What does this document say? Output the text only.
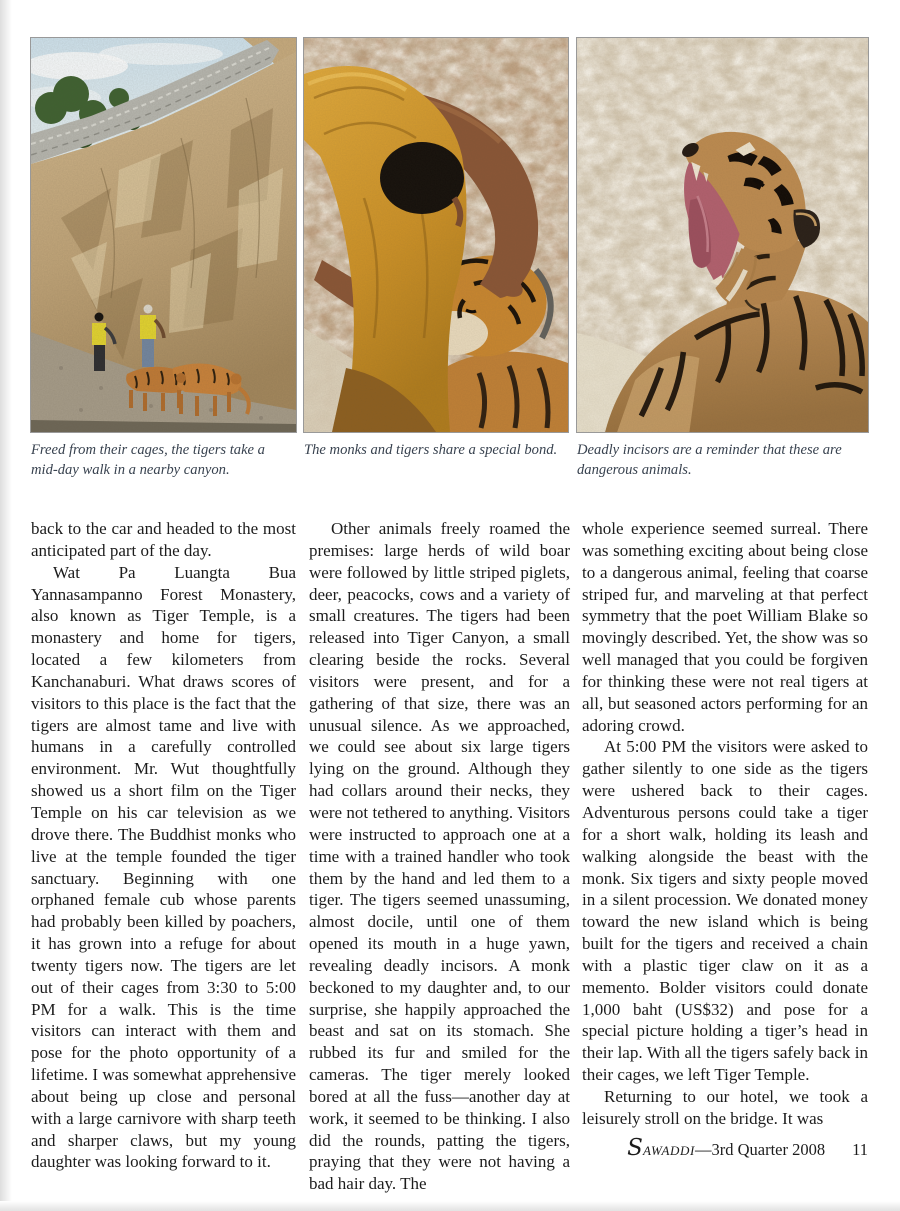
Freed from their cages, the tigers take a mid-day walk in a nearby canyon.
The monks and tigers share a special bond.	Deadly incisors are a reminder that these are dangerous animals.

back to the car and headed to the most anticipated part of the day.

Wat Pa Luangta Bua Yannasampanno Forest Monastery, also known as Tiger Temple, is a monastery and home for tigers, located a few kilometers from Kanchanaburi. What draws scores of visitors to this place is the fact that the tigers are almost tame and live with humans in a carefully controlled environment. Mr. Wut thoughtfully showed us a short film on the Tiger Temple on his car television as we drove there. The Buddhist monks who live at the temple founded the tiger sanctuary. Beginning with one orphaned female cub whose parents had probably been killed by poachers, it has grown into a refuge for about twenty tigers now. The tigers are let out of their cages from 3:30 to 5:00 PM for a walk. This is the time visitors can interact with them and pose for the photo opportunity of a lifetime. I was somewhat apprehensive about being up close and personal with a large carnivore with sharp teeth and sharper claws, but my young daughter was looking forward to it.

Other animals freely roamed the premises: large herds of wild boar were followed by little striped piglets, deer, peacocks, cows and a variety of small creatures. The tigers had been released into Tiger Canyon, a small clearing beside the rocks. Several visitors were present, and for a gathering of that size, there was an unusual silence. As we approached, we could see about six large tigers lying on the ground. Although they had collars around their necks, they were not tethered to anything. Visitors were instructed to approach one at a time with a trained handler who took them by the hand and led them to a tiger. The tigers seemed unassuming, almost docile, until one of them opened its mouth in a huge yawn, revealing deadly incisors. A monk beckoned to my daughter and, to our surprise, she happily approached the beast and sat on its stomach. She rubbed its fur and smiled for the cameras. The tiger merely looked bored at all the fuss—another day at work, it seemed to be thinking. I also did the rounds, patting the tigers, praying that they were not having a bad hair day. The

whole experience seemed surreal. There was something exciting about being close to a dangerous animal, feeling that coarse striped fur, and marveling at that perfect symmetry that the poet William Blake so movingly described. Yet, the show was so well managed that you could be forgiven for thinking these were not real tigers at all, but seasoned actors performing for an adoring crowd.

At 5:00 PM the visitors were asked to gather silently to one side as the tigers were ushered back to their cages. Adventurous persons could take a tiger for a short walk, holding its leash and walking alongside the beast with the monk. Six tigers and sixty people moved in a silent procession. We donated money toward the new island which is being built for the tigers and received a chain with a plastic tiger claw on it as a memento. Bolder visitors could donate 1,000 baht (US$32) and pose for a special picture holding a tiger’s head in their lap. With all the tigers safely back in their cages, we left Tiger Temple.

Returning to our hotel, we took a leisurely stroll on the bridge. It was

S AWADDI —3rd Quarter 2008 11
